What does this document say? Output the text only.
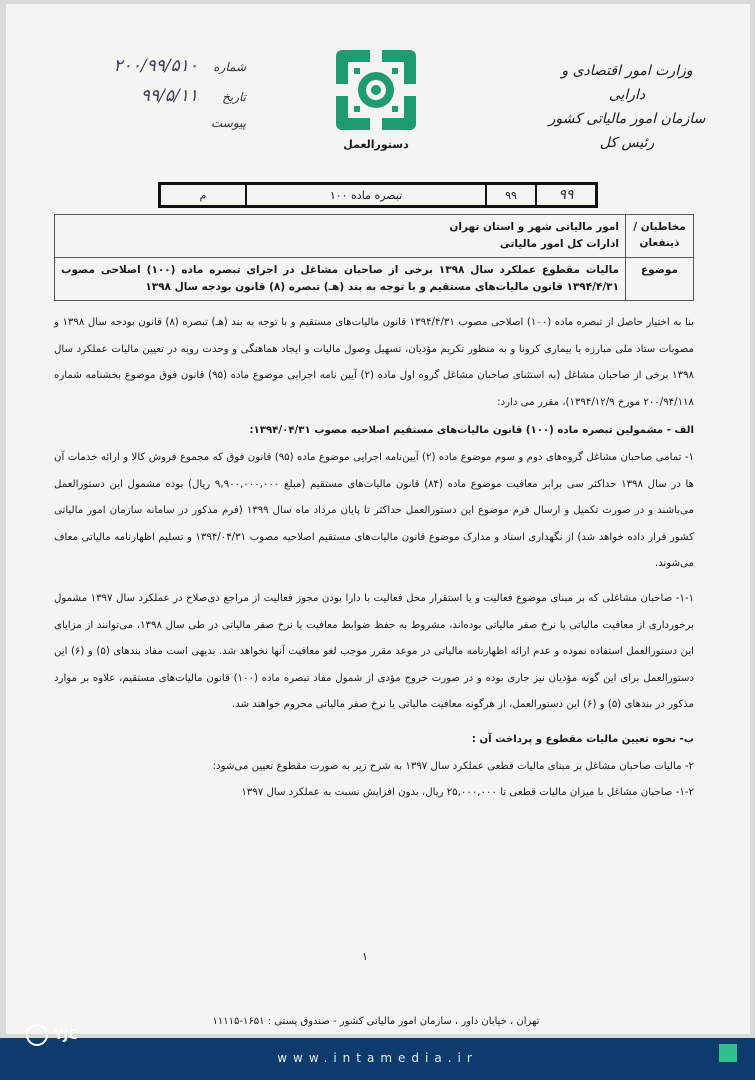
وزارت امور اقتصادی و دارایی
سازمان امور مالیاتی کشور
رئیس کل
دستورالعمل
شماره
۲۰۰/۹۹/۵۱۰
تاریخ
۹۹/۵/۱۱
پیوست
۹۹
۹۹
تبصره ماده ۱۰۰
م
مخاطبان / ذینفعان
امور مالیاتی شهر و استان تهران
ادارات کل امور مالیاتی
موضوع
مالیات مقطوع عملکرد سال ۱۳۹۸ برخی از صاحبان مشاغل در اجرای تبصره ماده (۱۰۰) اصلاحی مصوب ۱۳۹۴/۴/۳۱ قانون مالیات‌های مستقیم و با توجه به بند (هـ) تبصره (۸) قانون بودجه سال ۱۳۹۸

بنا به اختیار حاصل از تبصره ماده (۱۰۰) اصلاحی مصوب ۱۳۹۴/۴/۳۱ قانون مالیات‌های مستقیم و با توجه به بند (هـ) تبصره (۸) قانون بودجه سال ۱۳۹۸ و مصوبات ستاد ملی مبارزه با بیماری کرونا و به منظور تکریم مؤدیان، تسهیل وصول مالیات و ایجاد هماهنگی و وحدت رویه در تعیین مالیات عملکرد سال ۱۳۹۸ برخی از صاحبان مشاغل (به استثنای صاحبان مشاغل گروه اول ماده (۲) آیین نامه اجرایی موضوع ماده (۹۵) قانون فوق موضوع بخشنامه شماره ۲۰۰/۹۴/۱۱۸ مورخ ۱۳۹۴/۱۲/۹)، مقرر می دارد:

الف - مشمولین تبصره ماده (۱۰۰) قانون مالیات‌های مستقیم اصلاحیه مصوب ۱۳۹۴/۰۴/۳۱:

۱- تمامی صاحبان مشاغل گروه‌های دوم و سوم موضوع ماده (۲) آیین‌نامه اجرایی موضوع ماده (۹۵) قانون فوق که مجموع فروش کالا و ارائه خدمات آن ها در سال ۱۳۹۸ حداکثر سی برابر معافیت موضوع ماده (۸۴) قانون مالیات‌های مستقیم (مبلغ ۹,۹۰۰,۰۰۰,۰۰۰ ریال) بوده مشمول این دستورالعمل می‌باشند و در صورت تکمیل و ارسال فرم موضوع این دستورالعمل حداکثر تا پایان مرداد ماه سال ۱۳۹۹ (فرم مذکور در سامانه سازمان امور مالیاتی کشور قرار داده خواهد شد) از نگهداری اسناد و مدارک موضوع قانون مالیات‌های مستقیم اصلاحیه مصوب ۱۳۹۴/۰۴/۳۱ و تسلیم اظهارنامه مالیاتی معاف می‌شوند.

۱-۱- صاحبان مشاغلی که بر مبنای موضوع فعالیت و یا استقرار محل فعالیت با دارا بودن مجوز فعالیت از مراجع ذی‌صلاح در عملکرد سال ۱۳۹۷ مشمول برخورداری از معافیت مالیاتی یا نرخ صفر مالیاتی بوده‌اند، مشروط به حفظ ضوابط معافیت یا نرخ صفر مالیاتی در طی سال ۱۳۹۸، می‌توانند از مزایای این دستورالعمل استفاده نموده و عدم ارائه اظهارنامه مالیاتی در موعد مقرر موجب لغو معافیت آنها نخواهد شد. بدیهی است مفاد بندهای (۵) و (۶) این دستورالعمل برای این گونه مؤدیان نیز جاری بوده و در صورت خروج مؤدی از شمول مفاد تبصره ماده (۱۰۰) قانون مالیات‌های مستقیم، علاوه بر موارد مذکور در بندهای (۵) و (۶) این دستورالعمل، از هرگونه معافیت مالیاتی یا نرخ صفر مالیاتی محروم خواهند شد.

ب- نحوه تعیین مالیات مقطوع و پرداخت آن :

۲- مالیات صاحبان مشاغل بر مبنای مالیات قطعی عملکرد سال ۱۳۹۷ به شرح زیر به صورت مقطوع تعیین می‌شود:

۱-۲- صاحبان مشاغل با میزان مالیات قطعی تا ۲۵,۰۰۰,۰۰۰ ریال، بدون افزایش نسبت به عملکرد سال ۱۳۹۷

۱
تهران ، خیابان داور ، سازمان امور مالیاتی کشور - صندوق پستی : ۱۶۵۱-۱۱۱۱۵
www.intamedia.ir
YJC
